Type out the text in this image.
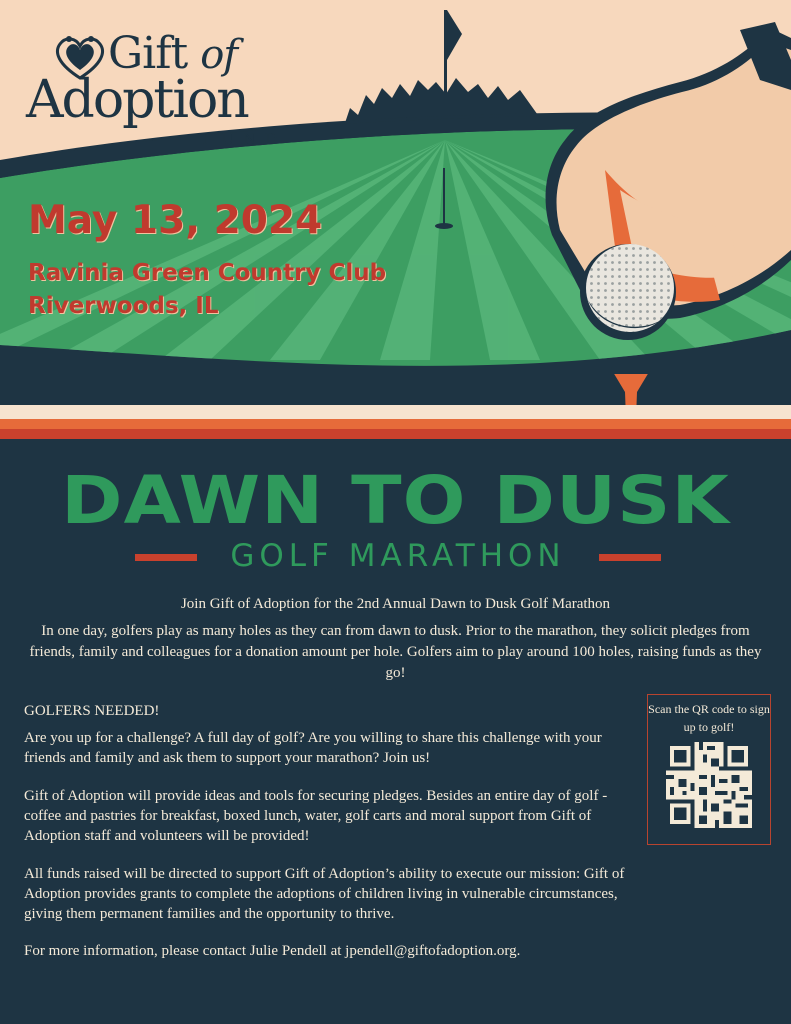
Gift of
Adoption
FUND
May 13, 2024
Ravinia Green Country Club
Riverwoods, IL
DAWN TO DUSK
GOLF MARATHON
Join Gift of Adoption for the 2nd Annual Dawn to Dusk Golf Marathon
In one day, golfers play as many holes as they can from dawn to dusk. Prior to the marathon, they solicit pledges from friends, family and colleagues for a donation amount per hole. Golfers aim to play around 100 holes, raising funds as they go!
GOLFERS NEEDED!
Are you up for a challenge? A full day of golf? Are you willing to share this challenge with your friends and family and ask them to support your marathon? Join us!
Gift of Adoption will provide ideas and tools for securing pledges. Besides an entire day of golf - coffee and pastries for breakfast, boxed lunch, water, golf carts and moral support from Gift of Adoption staff and volunteers will be provided!
All funds raised will be directed to support Gift of Adoption’s ability to execute our mission: Gift of Adoption provides grants to complete the adoptions of children living in vulnerable circumstances, giving them permanent families and the opportunity to thrive.
For more information, please contact Julie Pendell at jpendell@giftofadoption.org.
Scan the QR code to sign up to golf!
